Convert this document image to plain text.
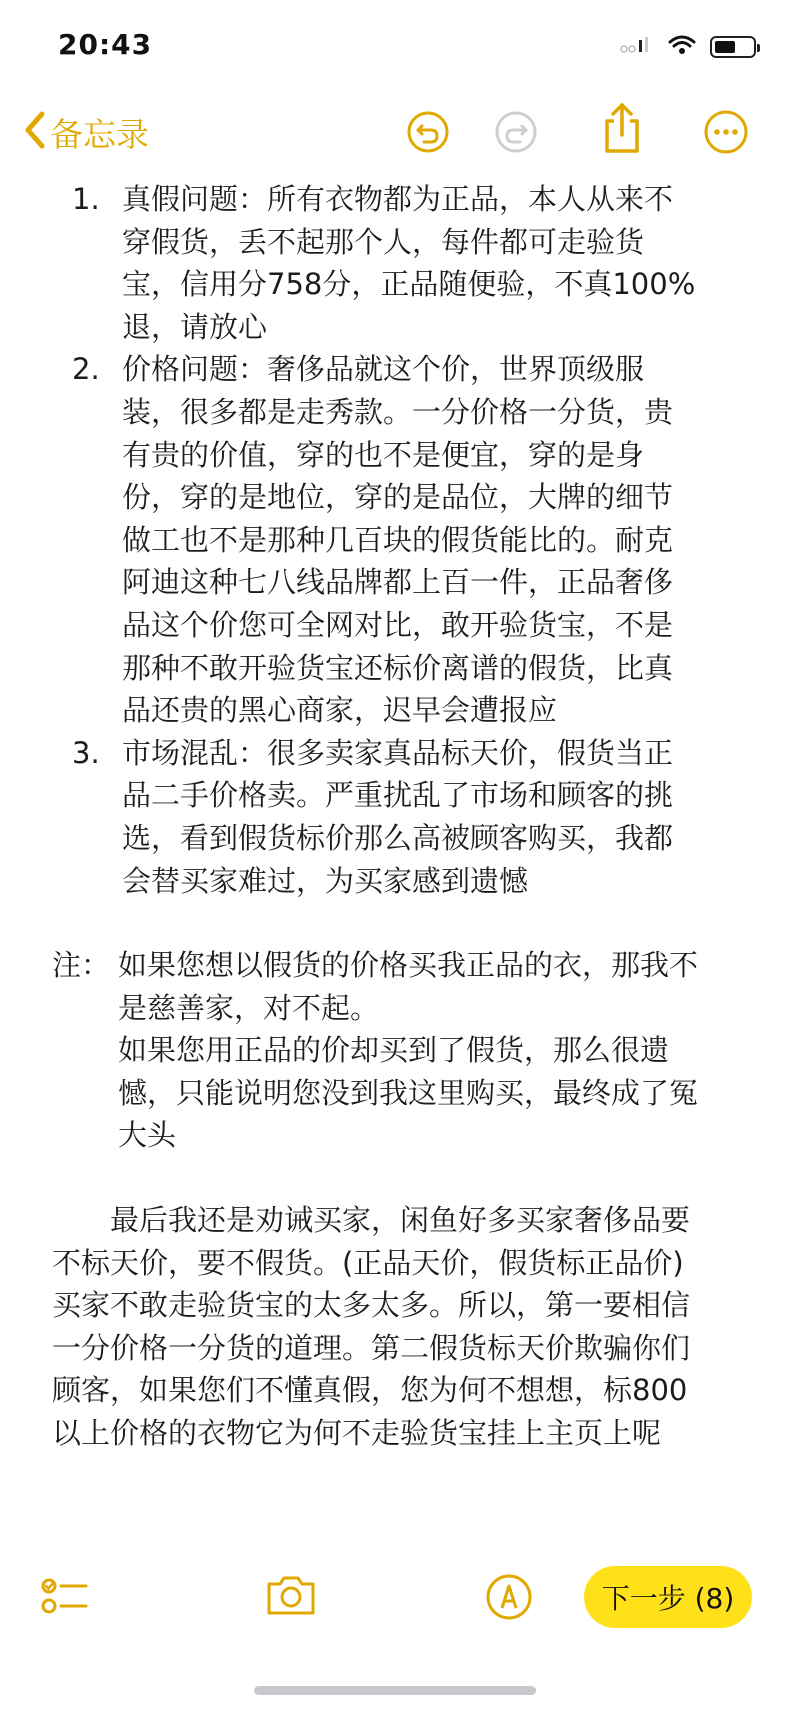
20:43
备忘录
1. 真假问题：所有衣物都为正品，本人从来不
穿假货，丢不起那个人，每件都可走验货
宝，信用分758分，正品随便验，不真100%
退，请放心
2. 价格问题：奢侈品就这个价，世界顶级服
装，很多都是走秀款。一分价格一分货，贵
有贵的价值，穿的也不是便宜，穿的是身
份，穿的是地位，穿的是品位，大牌的细节
做工也不是那种几百块的假货能比的。耐克
阿迪这种七八线品牌都上百一件，正品奢侈
品这个价您可全网对比，敢开验货宝，不是
那种不敢开验货宝还标价离谱的假货，比真
品还贵的黑心商家，迟早会遭报应
3. 市场混乱：很多卖家真品标天价，假货当正
品二手价格卖。严重扰乱了市场和顾客的挑
选，看到假货标价那么高被顾客购买，我都
会替买家难过，为买家感到遗憾
注： 如果您想以假货的价格买我正品的衣，那我不
是慈善家，对不起。
如果您用正品的价却买到了假货，那么很遗
憾，只能说明您没到我这里购买，最终成了冤
大头
最后我还是劝诫买家，闲鱼好多买家奢侈品要
不标天价，要不假货。(正品天价，假货标正品价)
买家不敢走验货宝的太多太多。所以，第一要相信
一分价格一分货的道理。第二假货标天价欺骗你们
顾客，如果您们不懂真假，您为何不想想，标800
以上价格的衣物它为何不走验货宝挂上主页上呢
下一步 (8)
